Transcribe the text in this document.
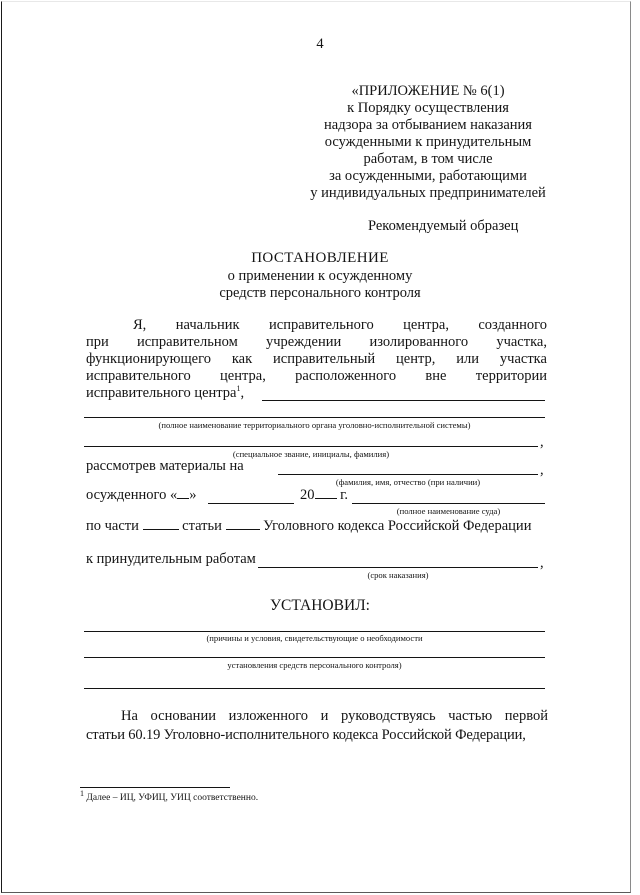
4
«ПРИЛОЖЕНИЕ № 6(1)
к Порядку осуществления
надзора за отбыванием наказания
осужденными к принудительным
работам, в том числе
за осужденными, работающими
у индивидуальных предпринимателей
Рекомендуемый образец
ПОСТАНОВЛЕНИЕ
о применении к осужденному
средств персонального контроля
Я, начальник исправительного центра, созданного
при исправительном учреждении изолированного участка,
функционирующего как исправительный центр, или участка
исправительного центра, расположенного вне территории
исправительного центра$^1$,
(полное наименование территориального органа уголовно-исполнительной системы)
,
(специальное звание, инициалы, фамилия)
рассмотрев материалы на	,
(фамилия, имя, отчество (при наличии)
осужденного « »	20 г.
(полное наименование суда)
по части	статьи	Уголовного кодекса Российской Федерации
к принудительным работам	,
(срок наказания)
УСТАНОВИЛ:
(причины и условия, свидетельствующие о необходимости
установления средств персонального контроля)
На основании изложенного и руководствуясь частью первой
статьи 60.19 Уголовно-исполнительного кодекса Российской Федерации,
$^1$ Далее – ИЦ, УФИЦ, УИЦ соответственно.
